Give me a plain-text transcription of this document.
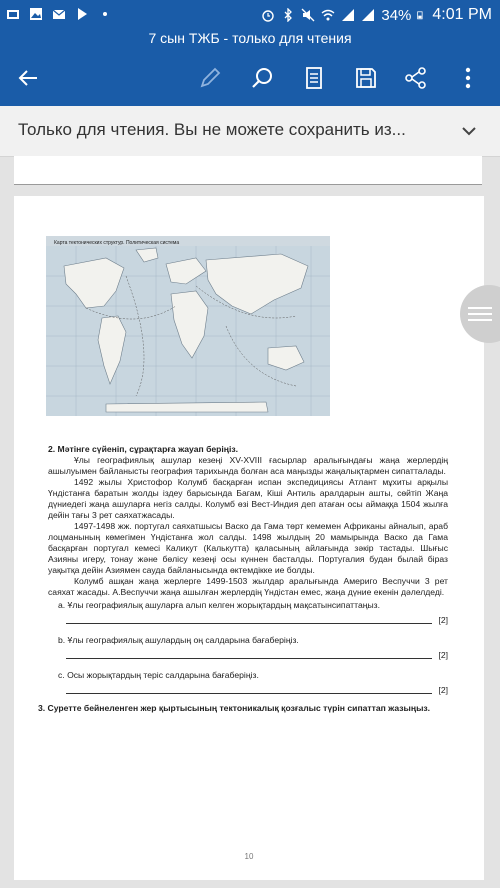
34% 4:01 PM
7 сын ТЖБ - только для чтения
Только для чтения. Вы не можете сохранить из...
Карта тектонических структур. Политическая система
2. Мәтінге сүйеніп, сұрақтарға жауап беріңіз.
Ұлы географиялық ашулар кезеңі XV-XVIII ғасырлар аралығындағы жаңа жерлердің ашылуымен байланысты география тарихында болған аса маңызды жаңалықтармен сипатталады.
1492 жылы Христофор Колумб басқарған испан экспедициясы Атлант мұхиты арқылы Үндістанға баратын жолды іздеу барысында Багам, Кіші Антиль аралдарын ашты, сөйтіп Жаңа дүниедегі жаңа ашуларға негіз салды. Колумб өзі Вест-Индия деп атаған осы аймаққа 1504 жылға дейін тағы 3 рет саяхатжасады.
1497-1498 жж. португал саяхатшысы Васко да Гама төрт кемемен Африканы айналып, араб лоцманының көмегімен Үндістанға жол салды. 1498 жылдың 20 мамырында Васко да Гама басқарған португал кемесі Каликут (Калькутта) қаласының айлағында зәкір тастады. Шығыс Азияны игеру, тонау және бөлісу кезеңі осы күннен басталды. Португалия будан былай біраз уақытқа дейін Азиямен сауда байланысында өктемдікке ие болды.
Колумб ашқан жаңа жерлерге 1499-1503 жылдар аралығында Америго Веспуччи 3 рет саяхат жасады. А.Веспуччи жаңа ашылған жерлердің Үндістан емес, жаңа дүние екенін дәлелдеді.
a. Ұлы географиялық ашуларға алып келген жорықтардың мақсатынсипаттаңыз.
[2]
b. Ұлы географиялық ашулардың оң салдарына бағаберіңіз.
[2]
c. Осы жорықтардың теріс салдарына бағаберіңіз.
[2]
3. Суретте бейнеленген жер қыртысының тектоникалық қозғалыс түрін сипаттап жазыңыз.
10
